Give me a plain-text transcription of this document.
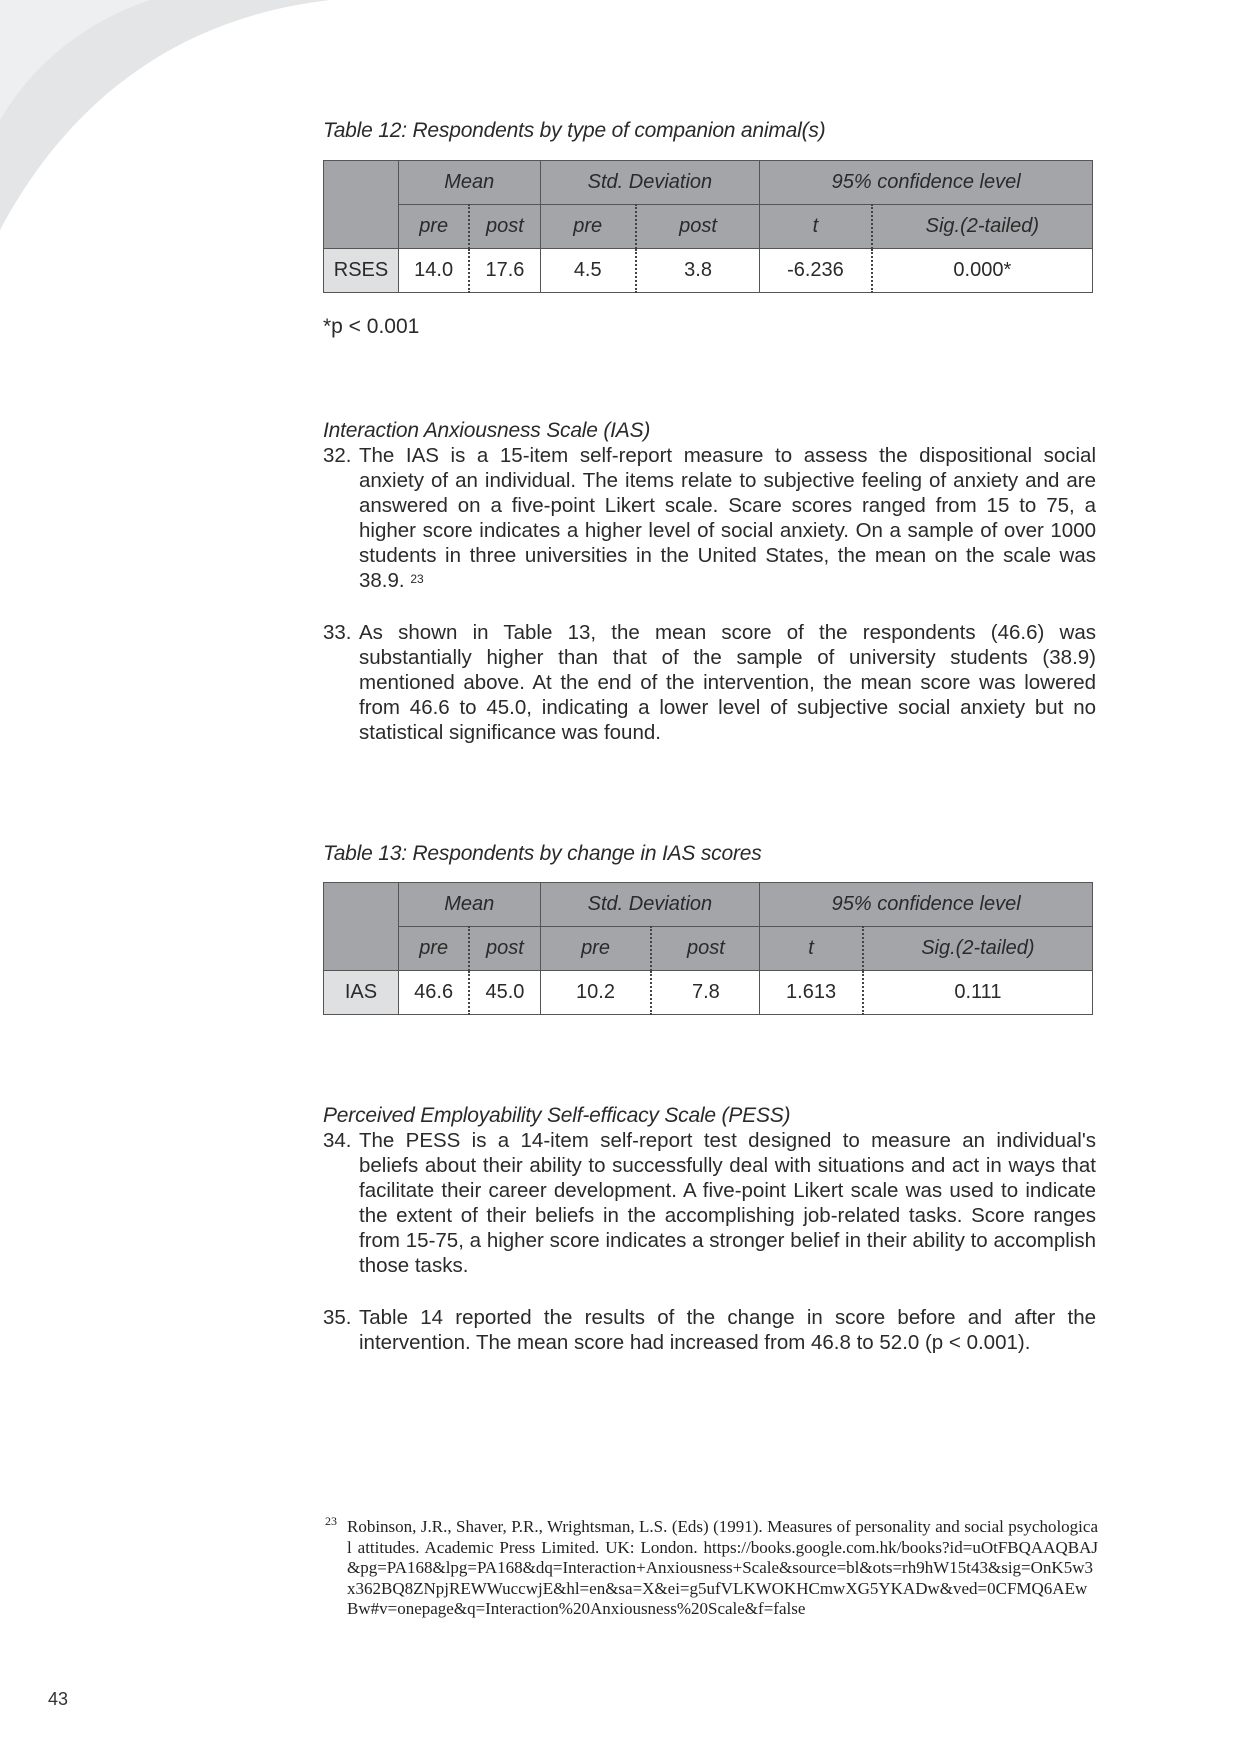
Table 12: Respondents by type of companion animal(s)
	Mean		Std. Deviation		95% confidence level	
	pre	post	pre	post	t	Sig.(2-tailed)
RSES	14.0	17.6	4.5	3.8	-6.236	0.000*
*p < 0.001
Interaction Anxiousness Scale (IAS)
32. The IAS is a 15-item self-report measure to assess the dispositional social anxiety of an individual. The items relate to subjective feeling of anxiety and are answered on a five-point Likert scale. Scare scores ranged from 15 to 75, a higher score indicates a higher level of social anxiety. On a sample of over 1000 students in three universities in the United States, the mean on the scale was 38.9. $^{23}$
33. As shown in Table 13, the mean score of the respondents (46.6) was substantially higher than that of the sample of university students (38.9) mentioned above. At the end of the intervention, the mean score was lowered from 46.6 to 45.0, indicating a lower level of subjective social anxiety but no statistical significance was found.
Table 13: Respondents by change in IAS scores
	Mean		Std. Deviation		95% confidence level	
	pre	post	pre	post	t	Sig.(2-tailed)
IAS	46.6	45.0	10.2	7.8	1.613	0.111
Perceived Employability Self-efficacy Scale (PESS)
34. The PESS is a 14-item self-report test designed to measure an individual's beliefs about their ability to successfully deal with situations and act in ways that facilitate their career development. A five-point Likert scale was used to indicate the extent of their beliefs in the accomplishing job-related tasks. Score ranges from 15-75, a higher score indicates a stronger belief in their ability to accomplish those tasks.
35. Table 14 reported the results of the change in score before and after the intervention. The mean score had increased from 46.8 to 52.0 (p < 0.001).
23 Robinson, J.R., Shaver, P.R., Wrightsman, L.S. (Eds) (1991). Measures of personality and social psychological attitudes. Academic Press Limited. UK: London. https://books.google.com.hk/books?id=uOtFBQAAQBAJ&pg=PA168&lpg=PA168&dq=Interaction+Anxiousness+Scale&source=bl&ots=rh9hW15t43&sig=OnK5w3x362BQ8ZNpjREWWuccwjE&hl=en&sa=X&ei=g5ufVLKWOKHCmwXG5YKADw&ved=0CFMQ6AEwBw#v=onepage&q=Interaction%20Anxiousness%20Scale&f=false
43
